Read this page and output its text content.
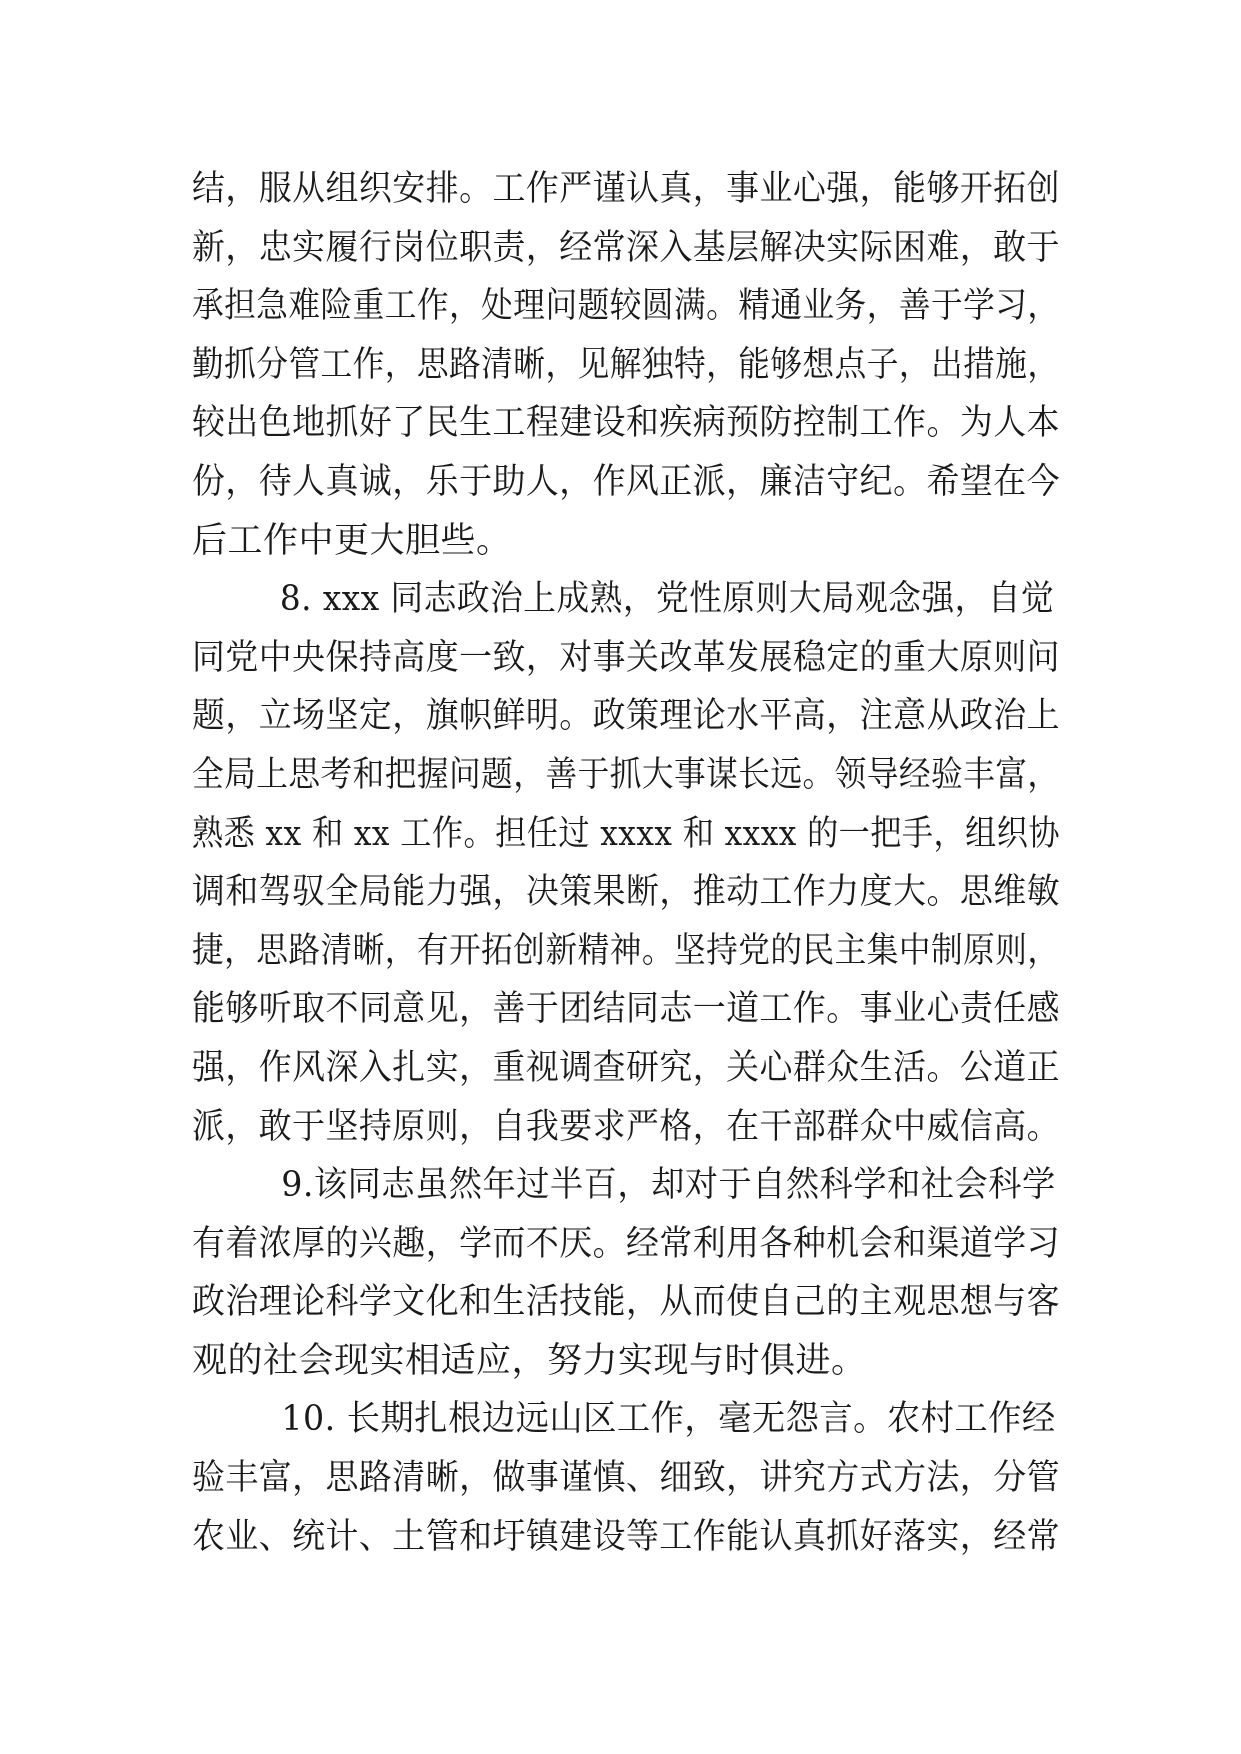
结，服从组织安排。工作严谨认真，事业心强，能够开拓创
新，忠实履行岗位职责，经常深入基层解决实际困难，敢于
承担急难险重工作，处理问题较圆满。精通业务，善于学习，
勤抓分管工作，思路清晰，见解独特，能够想点子，出措施，
较出色地抓好了民生工程建设和疾病预防控制工作。为人本
份，待人真诚，乐于助人，作风正派，廉洁守纪。希望在今
后工作中更大胆些。
8. xxx 同志政治上成熟，党性原则大局观念强，自觉
同党中央保持高度一致，对事关改革发展稳定的重大原则问
题，立场坚定，旗帜鲜明。政策理论水平高，注意从政治上
全局上思考和把握问题，善于抓大事谋长远。领导经验丰富，
熟悉 xx 和 xx 工作。担任过 xxxx 和 xxxx 的一把手，组织协
调和驾驭全局能力强，决策果断，推动工作力度大。思维敏
捷，思路清晰，有开拓创新精神。坚持党的民主集中制原则，
能够听取不同意见，善于团结同志一道工作。事业心责任感
强，作风深入扎实，重视调查研究，关心群众生活。公道正
派，敢于坚持原则，自我要求严格，在干部群众中威信高。
9.该同志虽然年过半百，却对于自然科学和社会科学
有着浓厚的兴趣，学而不厌。经常利用各种机会和渠道学习
政治理论科学文化和生活技能，从而使自己的主观思想与客
观的社会现实相适应，努力实现与时俱进。
10. 长期扎根边远山区工作，毫无怨言。农村工作经
验丰富，思路清晰，做事谨慎、细致，讲究方式方法，分管
农业、统计、土管和圩镇建设等工作能认真抓好落实，经常
